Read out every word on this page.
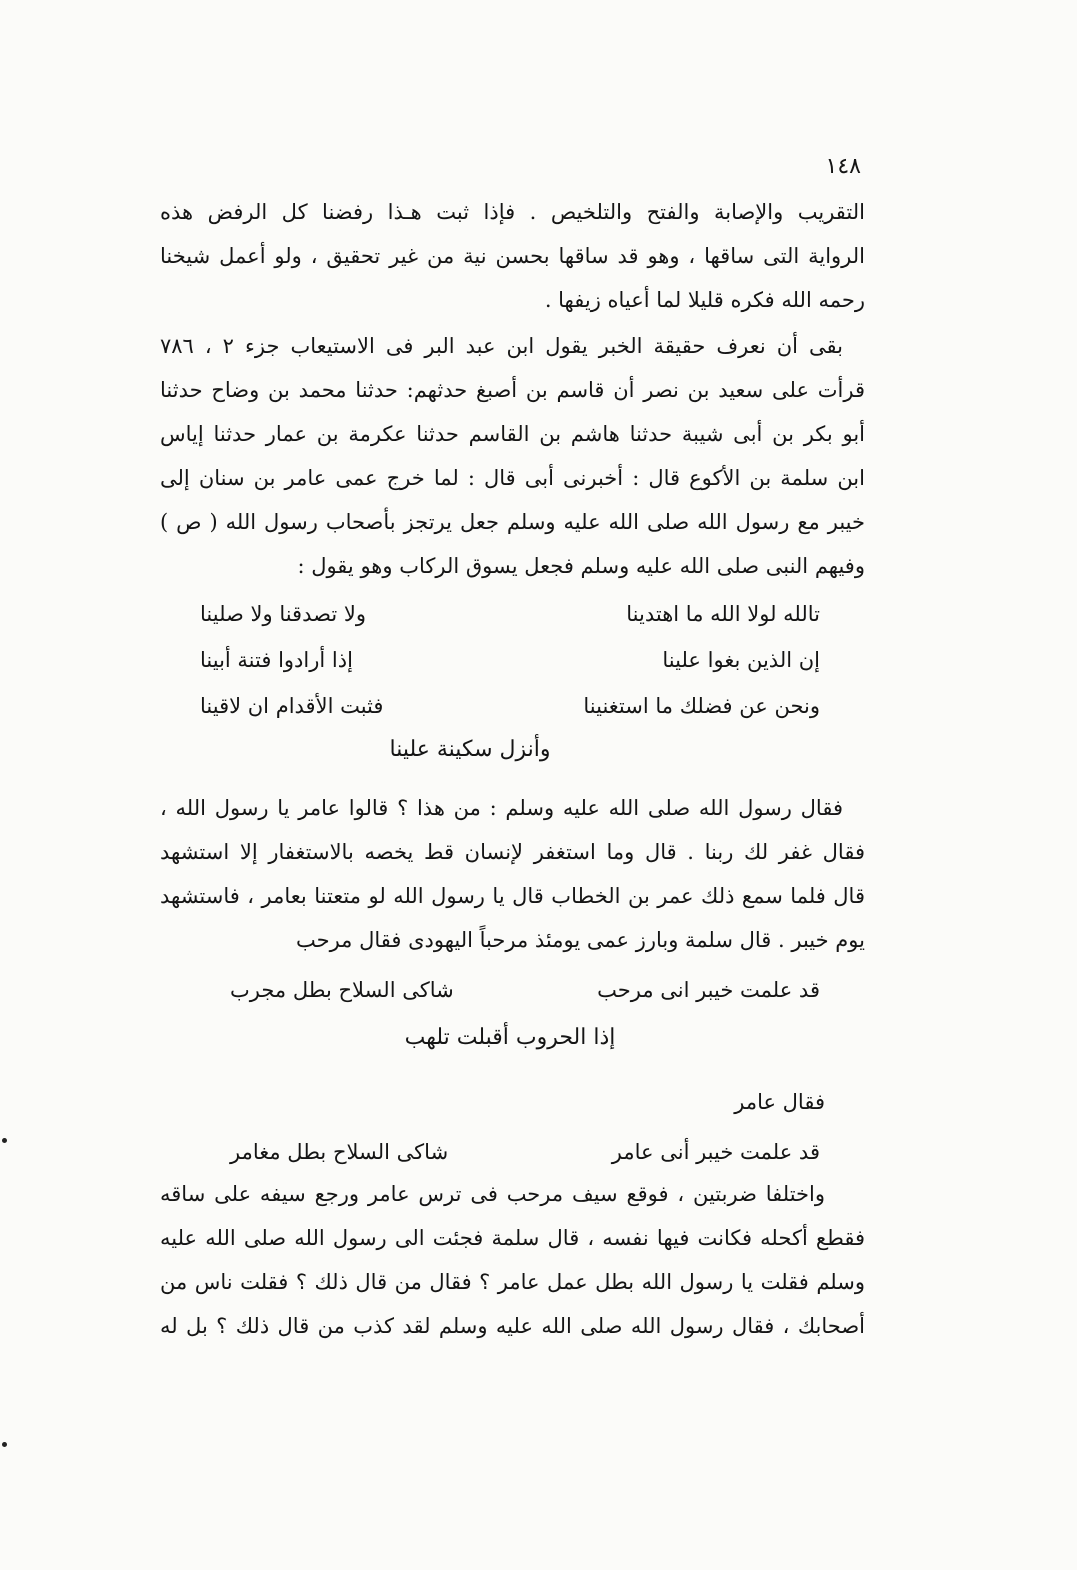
١٤٨
التقريب والإصابة والفتح والتلخيص . فإذا ثبت هـذا رفضنا كل الرفض هذه
الرواية التى ساقها ، وهو قد ساقها بحسن نية من غير تحقيق ، ولو أعمل شيخنا
رحمه الله فكره قليلا لما أعياه زيفها .
بقى أن نعرف حقيقة الخبر يقول ابن عبد البر فى الاستيعاب جزء ٢ ، ٧٨٦
قرأت على سعيد بن نصر أن قاسم بن أصبغ حدثهم: حدثنا محمد بن وضاح حدثنا
أبو بكر بن أبى شيبة حدثنا هاشم بن القاسم حدثنا عكرمة بن عمار حدثنا إياس
ابن سلمة بن الأكوع قال : أخبرنى أبى قال : لما خرج عمى عامر بن سنان إلى
خيبر مع رسول الله صلى الله عليه وسلم جعل يرتجز بأصحاب رسول الله ( ص )
وفيهم النبى صلى الله عليه وسلم فجعل يسوق الركاب وهو يقول :
تالله لولا الله ما اهتدينا
ولا تصدقنا ولا صلينا
إن الذين بغوا علينا
إذا أرادوا فتنة أبينا
ونحن عن فضلك ما استغنينا
فثبت الأقدام ان لاقينا
وأنزل سكينة علينا
فقال رسول الله صلى الله عليه وسلم : من هذا ؟ قالوا عامر يا رسول الله ،
فقال غفر لك ربنا . قال وما استغفر لإنسان قط يخصه بالاستغفار إلا استشهد
قال فلما سمع ذلك عمر بن الخطاب قال يا رسول الله لو متعتنا بعامر ، فاستشهد
يوم خيبر . قال سلمة وبارز عمى يومئذ مرحباً اليهودى فقال مرحب
قد علمت خيبر انى مرحب
شاكى السلاح بطل مجرب
إذا الحروب أقبلت تلهب
فقال عامر
قد علمت خيبر أنى عامر
شاكى السلاح بطل مغامر
واختلفا ضربتين ، فوقع سيف مرحب فى ترس عامر ورجع سيفه على ساقه
فقطع أكحله فكانت فيها نفسه ، قال سلمة فجئت الى رسول الله صلى الله عليه
وسلم فقلت يا رسول الله بطل عمل عامر ؟ فقال من قال ذلك ؟ فقلت ناس من
أصحابك ، فقال رسول الله صلى الله عليه وسلم لقد كذب من قال ذلك ؟ بل له
